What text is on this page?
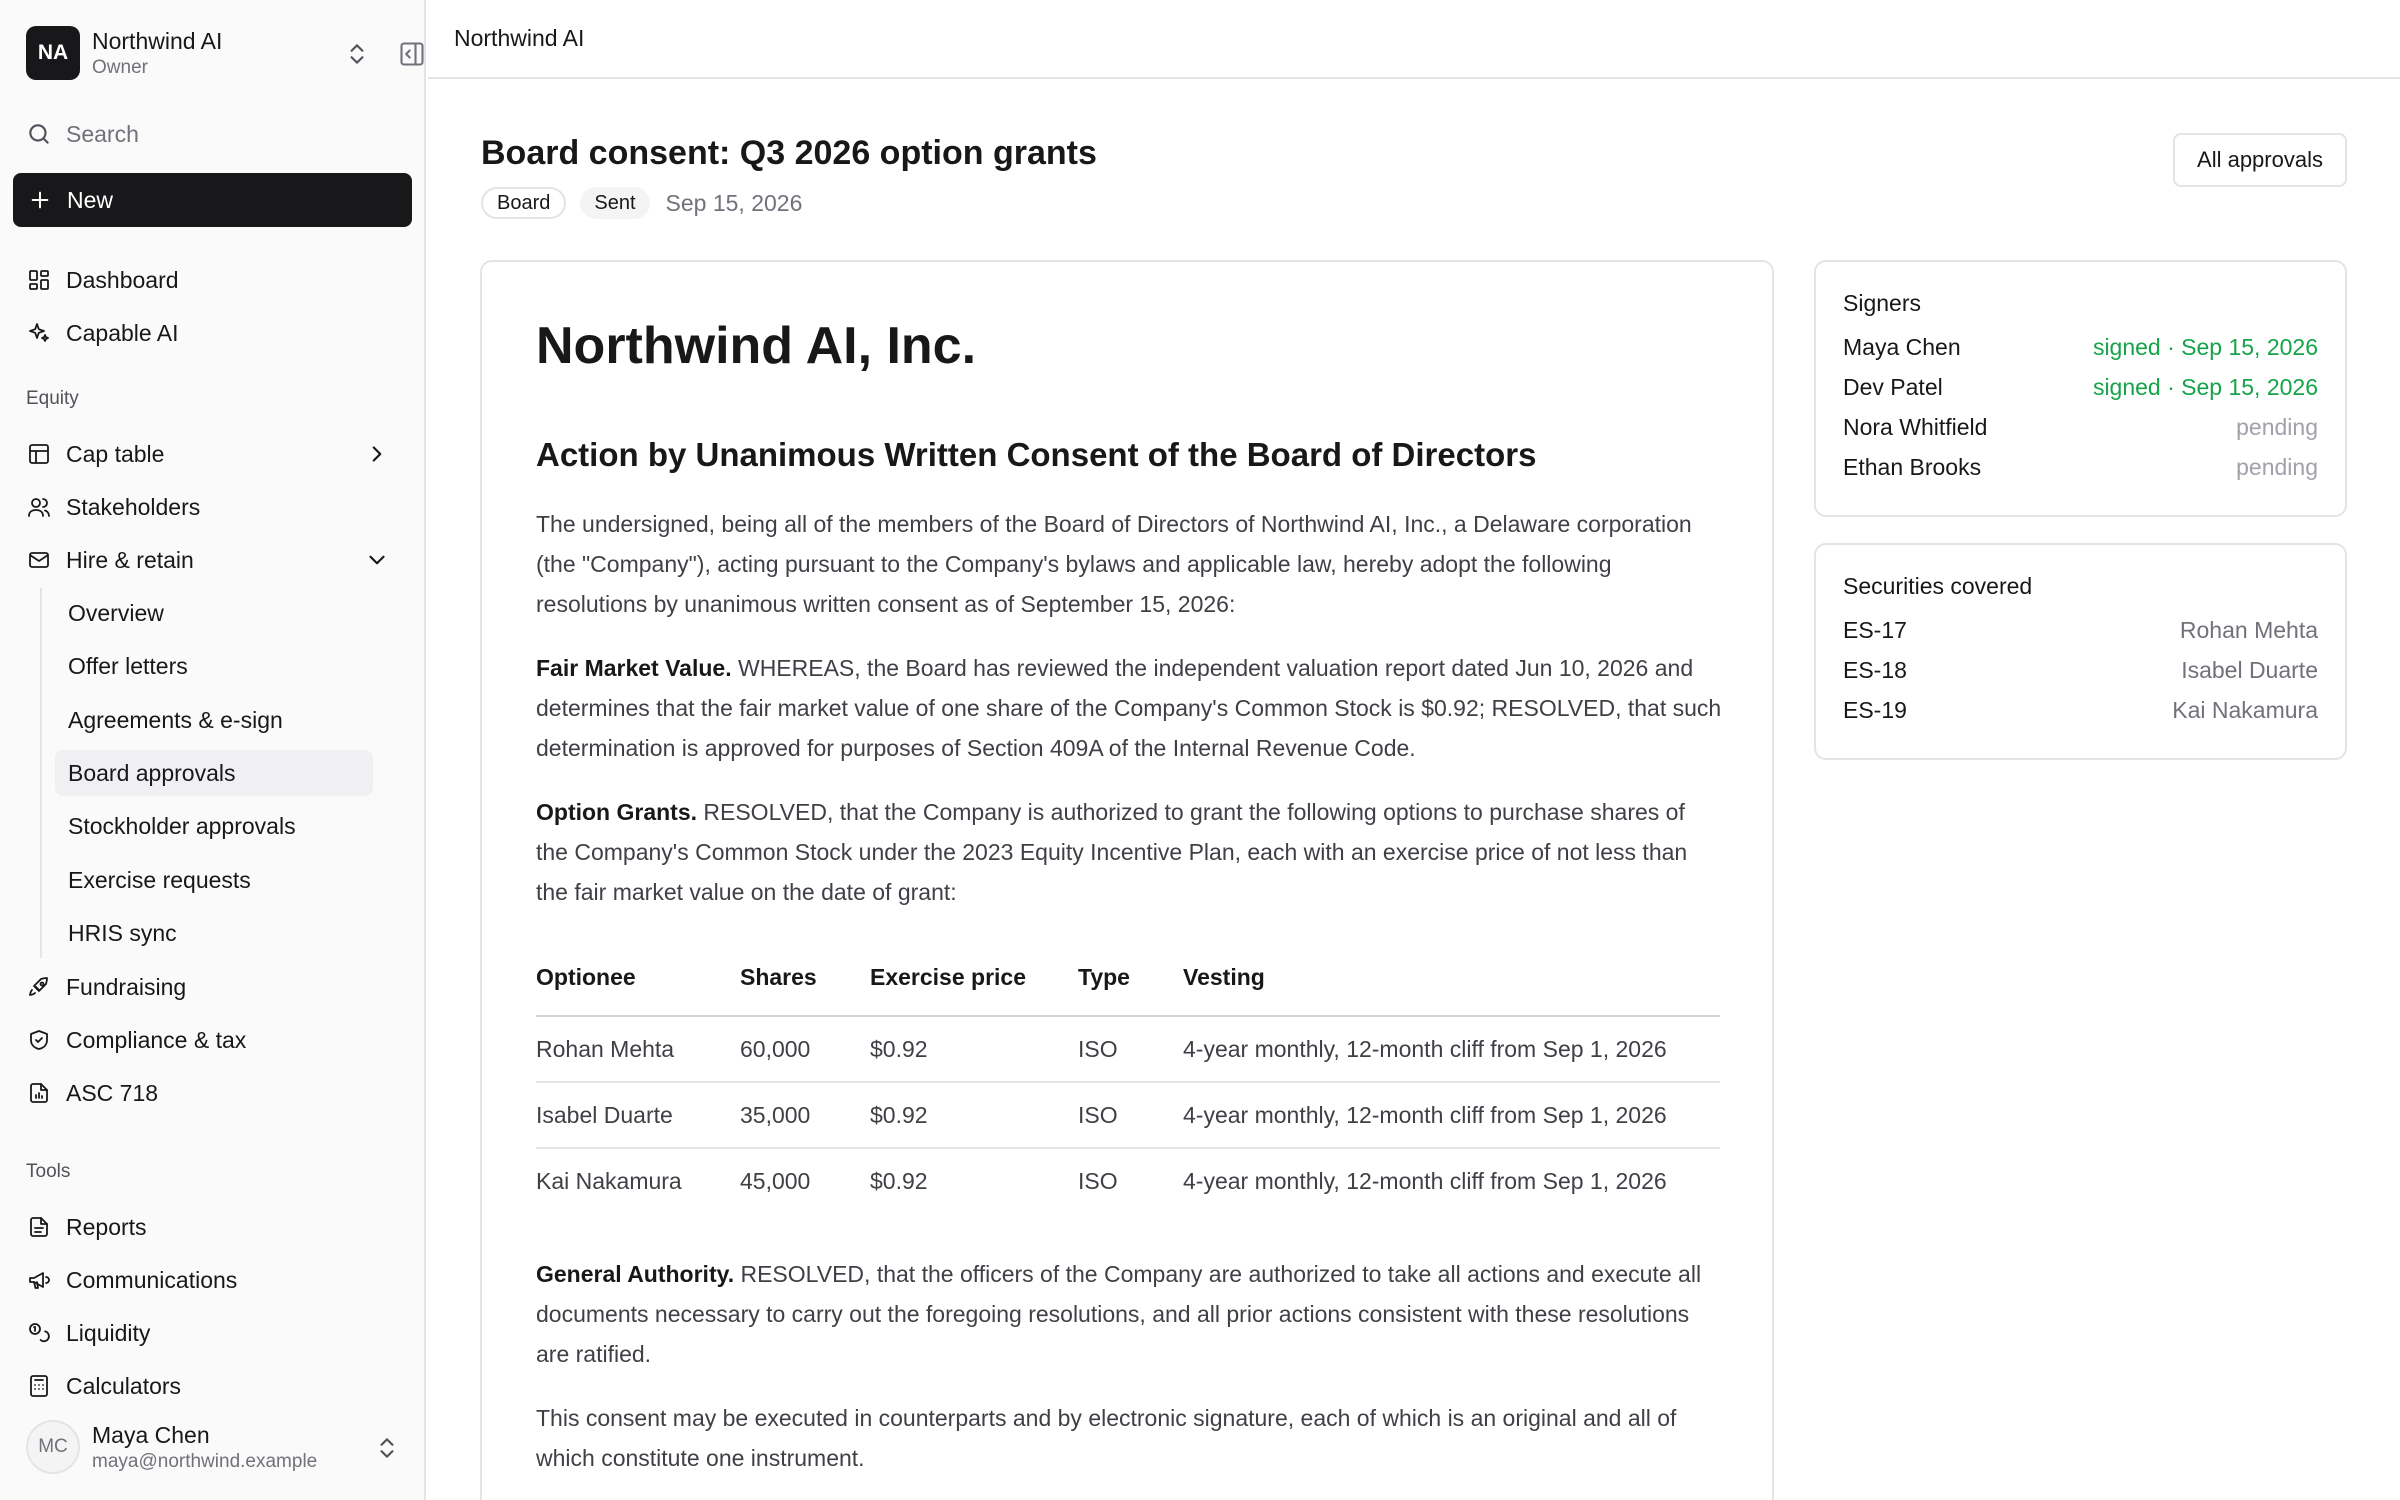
NA	Northwind AI
Owner
Search
New
Dashboard
Capable AI
Equity
Cap table
Stakeholders
Hire & retain
Overview
Offer letters
Agreements & e-sign
Board approvals
Stockholder approvals
Exercise requests
HRIS sync
Fundraising
Compliance & tax
ASC 718
Tools
Reports
Communications
Liquidity
Calculators
MC	Maya Chen
maya@northwind.example
Northwind AI
Board consent: Q3 2026 option grants
Board	Sent	Sep 15, 2026
All approvals
Northwind AI, Inc.
Action by Unanimous Written Consent of the Board of Directors

The undersigned, being all of the members of the Board of Directors of Northwind AI, Inc., a Delaware corporation (the "Company"), acting pursuant to the Company's bylaws and applicable law, hereby adopt the following resolutions by unanimous written consent as of September 15, 2026:

Fair Market Value. WHEREAS, the Board has reviewed the independent valuation report dated Jun 10, 2026 and determines that the fair market value of one share of the Company's Common Stock is $0.92; RESOLVED, that such determination is approved for purposes of Section 409A of the Internal Revenue Code.

Option Grants. RESOLVED, that the Company is authorized to grant the following options to purchase shares of the Company's Common Stock under the 2023 Equity Incentive Plan, each with an exercise price of not less than the fair market value on the date of grant:

Optionee	Shares	Exercise price	Type	Vesting
Rohan Mehta	60,000	$0.92	ISO	4-year monthly, 12-month cliff from Sep 1, 2026
Isabel Duarte	35,000	$0.92	ISO	4-year monthly, 12-month cliff from Sep 1, 2026
Kai Nakamura	45,000	$0.92	ISO	4-year monthly, 12-month cliff from Sep 1, 2026

General Authority. RESOLVED, that the officers of the Company are authorized to take all actions and execute all documents necessary to carry out the foregoing resolutions, and all prior actions consistent with these resolutions are ratified.

This consent may be executed in counterparts and by electronic signature, each of which is an original and all of which constitute one instrument.

Signers
Maya Chen	signed · Sep 15, 2026
Dev Patel	signed · Sep 15, 2026
Nora Whitfield	pending
Ethan Brooks	pending
Securities covered
ES-17	Rohan Mehta
ES-18	Isabel Duarte
ES-19	Kai Nakamura
